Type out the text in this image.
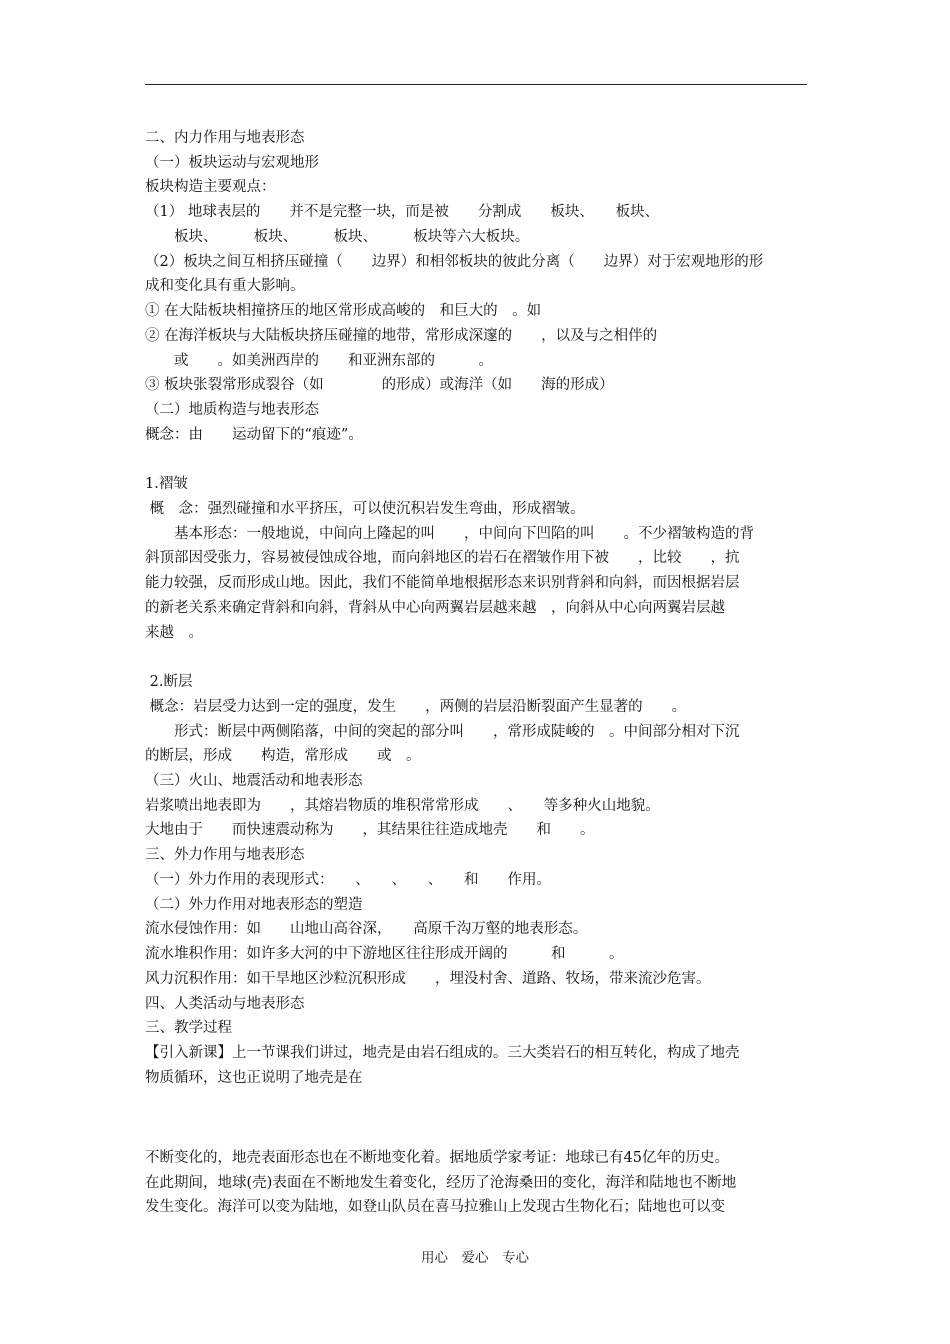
二、内力作用与地表形态
（一）板块运动与宏观地形
板块构造主要观点：
（1） 地球表层的　　并不是完整一块，而是被　　分割成　　板块、　　板块、
　　板块、　　　板块、　　　板块、　　　板块等六大板块。
（2）板块之间互相挤压碰撞（　　边界）和相邻板块的彼此分离（　　边界）对于宏观地形的形
成和变化具有重大影响。
① 在大陆板块相撞挤压的地区常形成高峻的　和巨大的　。如
② 在海洋板块与大陆板块挤压碰撞的地带，常形成深邃的　　，以及与之相伴的
　　或　　。如美洲西岸的　　和亚洲东部的　　　。
③ 板块张裂常形成裂谷（如　　　　的形成）或海洋（如　　海的形成）
（二）地质构造与地表形态
概念：由　　运动留下的“痕迹”。
1.褶皱
概　念：强烈碰撞和水平挤压，可以使沉积岩发生弯曲，形成褶皱。
　　基本形态：一般地说，中间向上隆起的叫　　，中间向下凹陷的叫　　。不少褶皱构造的背
斜顶部因受张力，容易被侵蚀成谷地，而向斜地区的岩石在褶皱作用下被　　，比较　　，抗
能力较强，反而形成山地。因此，我们不能简单地根据形态来识别背斜和向斜，而因根据岩层
的新老关系来确定背斜和向斜，背斜从中心向两翼岩层越来越　，向斜从中心向两翼岩层越
来越　。
2.断层
概念：岩层受力达到一定的强度，发生　　，两侧的岩层沿断裂面产生显著的　　。
　　形式：断层中两侧陷落，中间的突起的部分叫　　，常形成陡峻的　。中间部分相对下沉
的断层，形成　　构造，常形成　　或　。
（三）火山、地震活动和地表形态
岩浆喷出地表即为　　，其熔岩物质的堆积常常形成　　、　　等多种火山地貌。
大地由于　　而快速震动称为　　，其结果往往造成地壳　　和　　。
三、外力作用与地表形态
（一）外力作用的表现形式：　　、　　、　　、　　和　　作用。
（二）外力作用对地表形态的塑造
流水侵蚀作用：如　　山地山高谷深，　　高原千沟万壑的地表形态。
流水堆积作用：如许多大河的中下游地区往往形成开阔的　　　和　　　。
风力沉积作用：如干旱地区沙粒沉积形成　　，埋没村舍、道路、牧场，带来流沙危害。
四、人类活动与地表形态
三、教学过程
【引入新课】上一节课我们讲过，地壳是由岩石组成的。三大类岩石的相互转化，构成了地壳
物质循环，这也正说明了地壳是在
不断变化的，地壳表面形态也在不断地变化着。据地质学家考证：地球已有45亿年的历史。
在此期间，地球(壳)表面在不断地发生着变化，经历了沧海桑田的变化，海洋和陆地也不断地
发生变化。海洋可以变为陆地，如登山队员在喜马拉雅山上发现古生物化石；陆地也可以变
用心　爱心　专心
